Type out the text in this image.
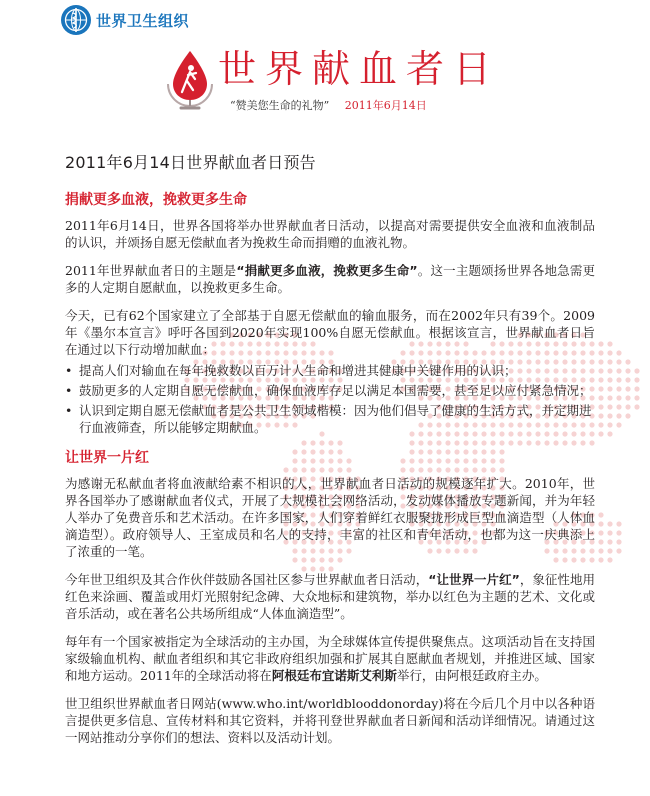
世界卫生组织
世界献血者日
“赞美您生命的礼物” 2011年6月14日
2011年6月14日世界献血者日预告
捐献更多血液，挽救更多生命

2011年6月14日，世界各国将举办世界献血者日活动，以提高对需要提供安全血液和血液制品的认识，并颂扬自愿无偿献血者为挽救生命而捐赠的血液礼物。

2011年世界献血者日的主题是“捐献更多血液，挽救更多生命”。这一主题颂扬世界各地急需更多的人定期自愿献血，以挽救更多生命。

今天，已有62个国家建立了全部基于自愿无偿献血的输血服务，而在2002年只有39个。2009年《墨尔本宣言》呼吁各国到2020年实现100%自愿无偿献血。根据该宣言，世界献血者日旨在通过以下行动增加献血：

• 提高人们对输血在每年挽救数以百万计人生命和增进其健康中关键作用的认识；
• 鼓励更多的人定期自愿无偿献血，确保血液库存足以满足本国需要，甚至足以应付紧急情况；
• 认识到定期自愿无偿献血者是公共卫生领域楷模：因为他们倡导了健康的生活方式，并定期进行血液筛查，所以能够定期献血。
让世界一片红

为感谢无私献血者将血液献给素不相识的人，世界献血者日活动的规模逐年扩大。2010年，世界各国举办了感谢献血者仪式，开展了大规模社会网络活动，发动媒体播放专题新闻，并为年轻人举办了免费音乐和艺术活动。在许多国家，人们穿着鲜红衣服聚拢形成巨型血滴造型（人体血滴造型）。政府领导人、王室成员和名人的支持，丰富的社区和青年活动，也都为这一庆典添上了浓重的一笔。

今年世卫组织及其合作伙伴鼓励各国社区参与世界献血者日活动，“让世界一片红”，象征性地用红色来涂画、覆盖或用灯光照射纪念碑、大众地标和建筑物，举办以红色为主题的艺术、文化或音乐活动，或在著名公共场所组成“人体血滴造型”。

每年有一个国家被指定为全球活动的主办国，为全球媒体宣传提供聚焦点。这项活动旨在支持国家级输血机构、献血者组织和其它非政府组织加强和扩展其自愿献血者规划，并推进区域、国家和地方运动。2011年的全球活动将在阿根廷布宜诺斯艾利斯举行，由阿根廷政府主办。

世卫组织世界献血者日网站(www.who.int/worldblooddonorday)将在今后几个月中以各种语言提供更多信息、宣传材料和其它资料，并将刊登世界献血者日新闻和活动详细情况。请通过这一网站推动分享你们的想法、资料以及活动计划。
